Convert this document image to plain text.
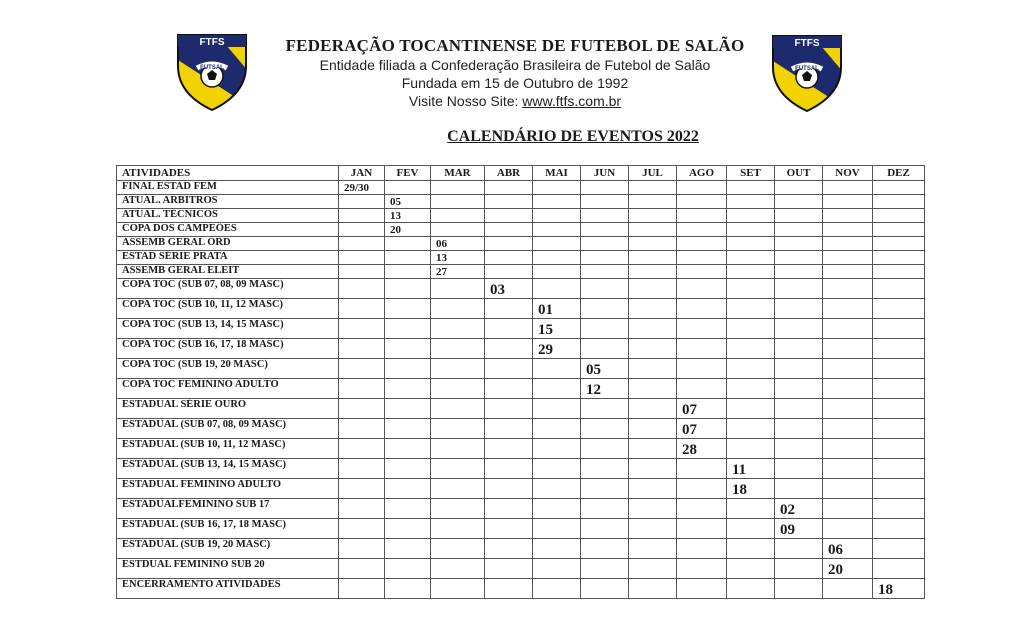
FTFS
FUTSAL
FTFS
FUTSAL
FEDERAÇÃO TOCANTINENSE DE FUTEBOL DE SALÃO
Entidade filiada a Confederação Brasileira de Futebol de Salão
Fundada em 15 de Outubro de 1992
Visite Nosso Site: www.ftfs.com.br
CALENDÁRIO DE EVENTOS 2022
ATIVIDADES	JAN	FEV	MAR	ABR	MAI	JUN	JUL	AGO	SET	OUT	NOV	DEZ
FINAL ESTAD FEM	29/30											
ATUAL. ARBITROS		05										
ATUAL. TÉCNICOS		13										
COPA DOS CAMPEÕES		20										
ASSEMB GERAL ORD			06									
ESTAD SÉRIE PRATA			13									
ASSEMB GERAL ELEIT			27									
COPA TOC (SUB 07, 08, 09 MASC)				03								
COPA TOC (SUB 10, 11, 12 MASC)					01							
COPA TOC (SUB 13, 14, 15 MASC)					15							
COPA TOC (SUB 16, 17, 18 MASC)					29							
COPA TOC (SUB 19, 20 MASC)						05						
COPA TOC FEMININO ADULTO						12						
ESTADUAL SÉRIE OURO								07				
ESTADUAL (SUB 07, 08, 09 MASC)								07				
ESTADUAL (SUB 10, 11, 12 MASC)								28				
ESTADUAL (SUB 13, 14, 15 MASC)									11			
ESTADUAL FEMININO ADULTO									18			
ESTADUALFEMININO SUB 17										02		
ESTADUAL (SUB 16, 17, 18 MASC)										09		
ESTADUAL (SUB 19, 20 MASC)											06	
ESTDUAL FEMININO SUB 20											20	
ENCERRAMENTO ATIVIDADES												18
